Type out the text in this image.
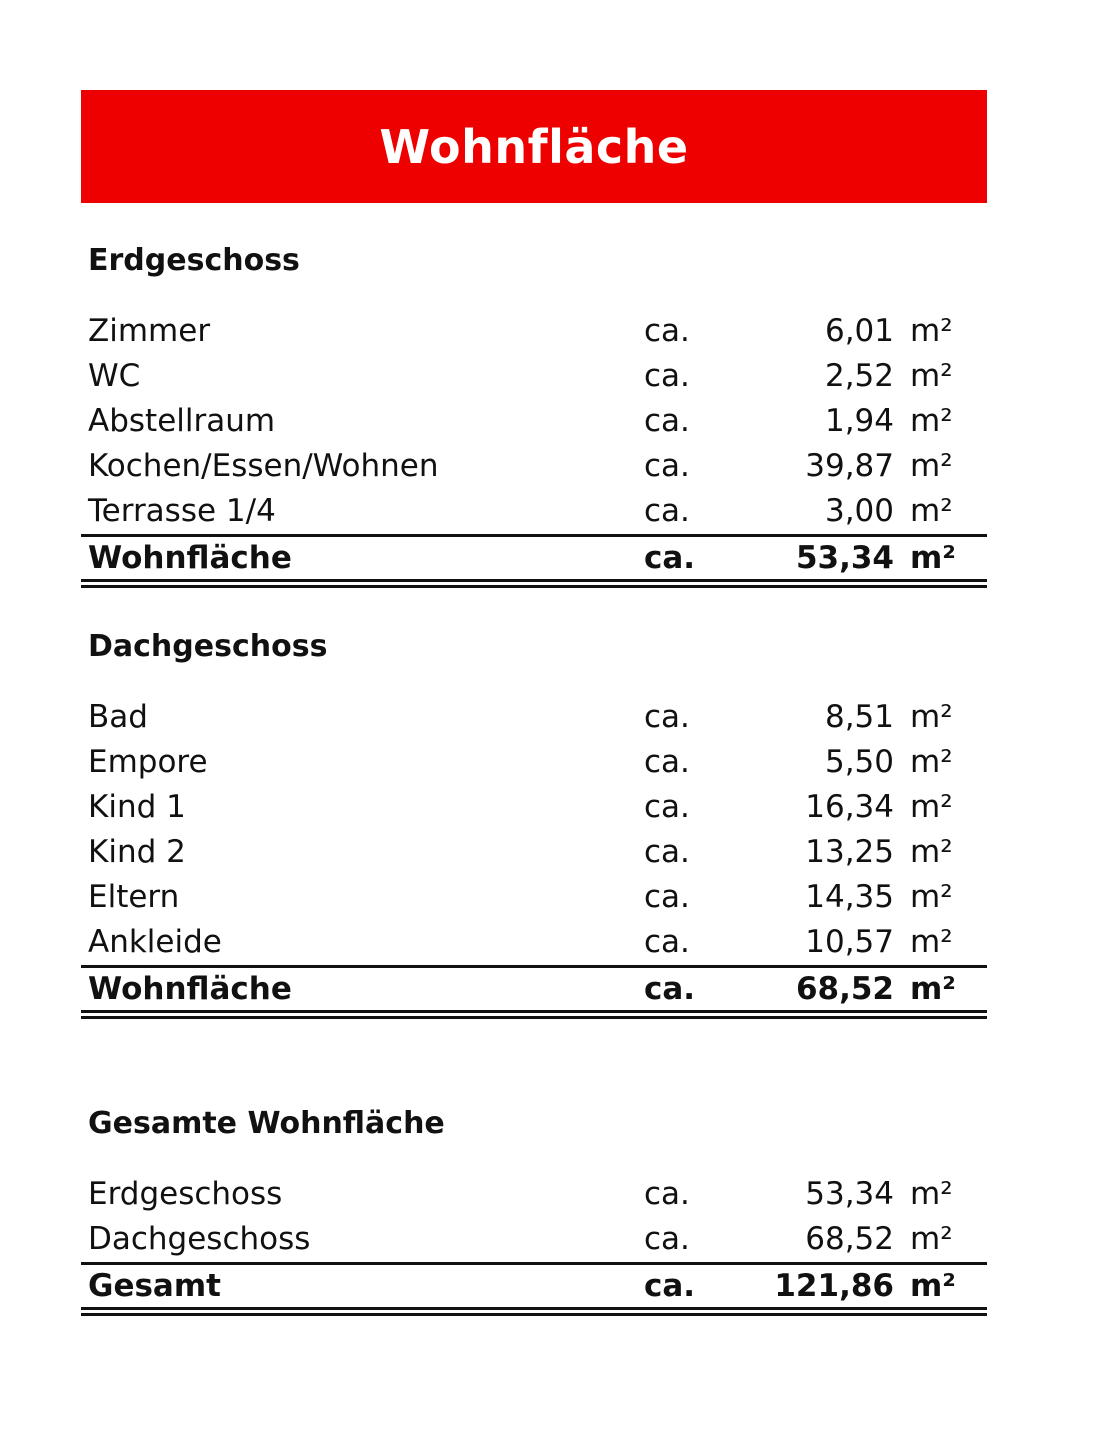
Wohnfläche
Erdgeschoss
Zimmer	ca.	6,01 m²
WC	ca.	2,52 m²
Abstellraum	ca.	1,94 m²
Kochen/Essen/Wohnen	ca.	39,87 m²
Terrasse 1/4	ca.	3,00 m²
Wohnfläche	ca.	53,34 m²
Dachgeschoss
Bad	ca.	8,51 m²
Empore	ca.	5,50 m²
Kind 1	ca.	16,34 m²
Kind 2	ca.	13,25 m²
Eltern	ca.	14,35 m²
Ankleide	ca.	10,57 m²
Wohnfläche	ca.	68,52 m²
Gesamte Wohnfläche
Erdgeschoss	ca.	53,34 m²
Dachgeschoss	ca.	68,52 m²
Gesamt	ca.	121,86 m²
